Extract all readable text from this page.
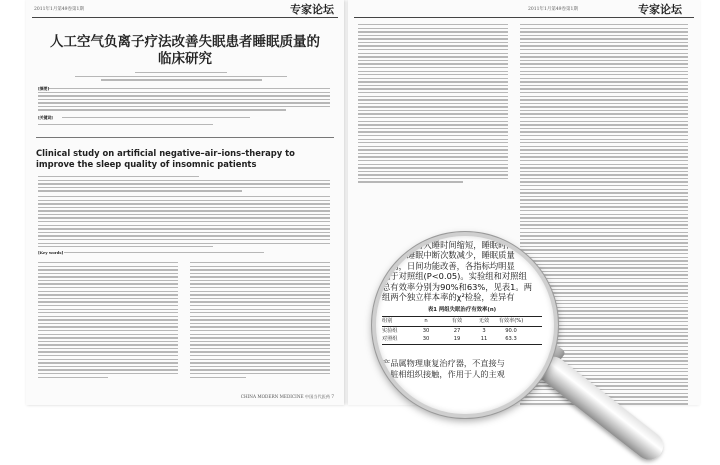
2011年1月第49卷第1期	专家论坛
人工空气负离子疗法改善失眠患者睡眠质量的临床研究
[摘要]
[关键词]
Clinical study on artificial negative–air–ions–therapy to improve the sleep quality of insomnic patients
[Key words]
CHINA MODERN MEDICINE 中国当代医药 7
2011年1月第49卷第1期	专家论坛
实验组患者入睡时间缩短，睡眠时间
延长，睡眠中断次数减少，睡眠质量
提高，日间功能改善，各指标均明显
优于对照组(P<0.05)。实验组和对照组
总有效率分别为90%和63%，见表1。两
组两个独立样本率的χ²检验，差异有
表1 两组失眠治疗有效率(n)
组别	n	有效	无效	有效率(%)
实验组	30	27	3	90.0
对照组	30	19	11	63.3
产品属物理康复治疗器，不直接与
心脏相组织接触，作用于人的主观
